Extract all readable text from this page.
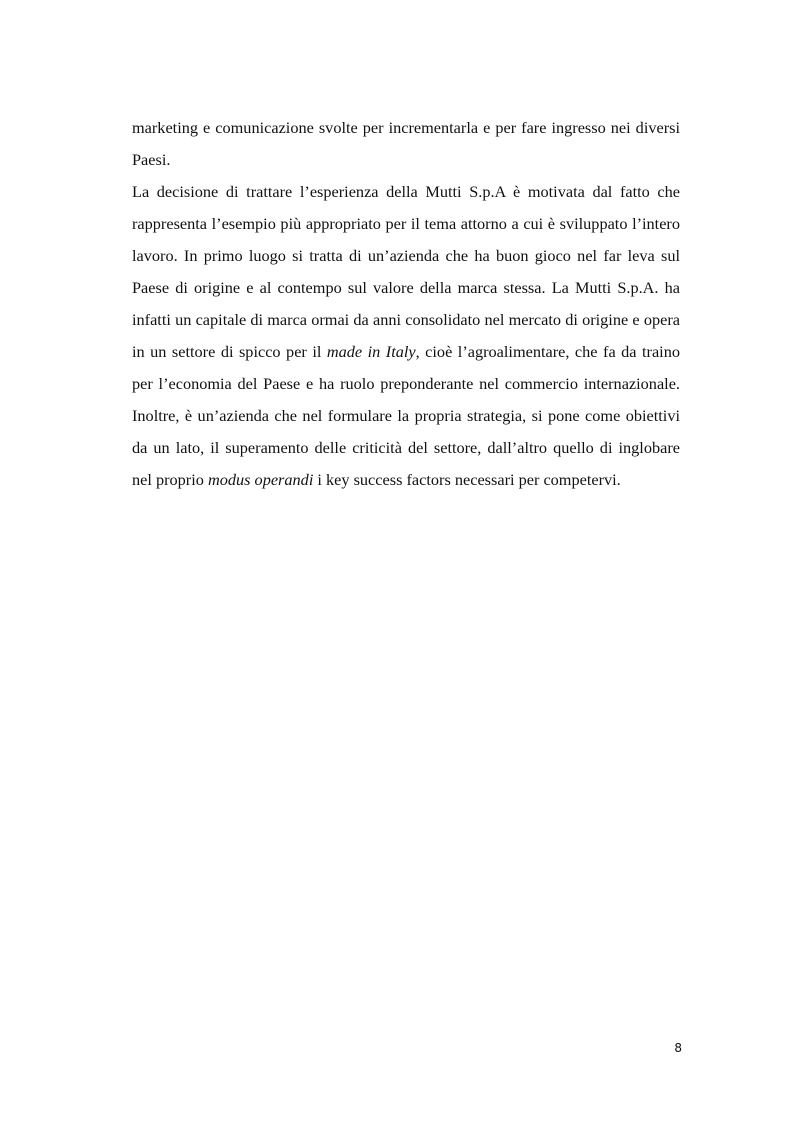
marketing e comunicazione svolte per incrementarla e per fare ingresso nei diversi Paesi.

La decisione di trattare l’esperienza della Mutti S.p.A è motivata dal fatto che rappresenta l’esempio più appropriato per il tema attorno a cui è sviluppato l’intero lavoro. In primo luogo si tratta di un’azienda che ha buon gioco nel far leva sul Paese di origine e al contempo sul valore della marca stessa. La Mutti S.p.A. ha infatti un capitale di marca ormai da anni consolidato nel mercato di origine e opera in un settore di spicco per il made in Italy, cioè l’agroalimentare, che fa da traino per l’economia del Paese e ha ruolo preponderante nel commercio internazionale. Inoltre, è un’azienda che nel formulare la propria strategia, si pone come obiettivi da un lato, il superamento delle criticità del settore, dall’altro quello di inglobare nel proprio modus operandi i key success factors necessari per competervi.

8
